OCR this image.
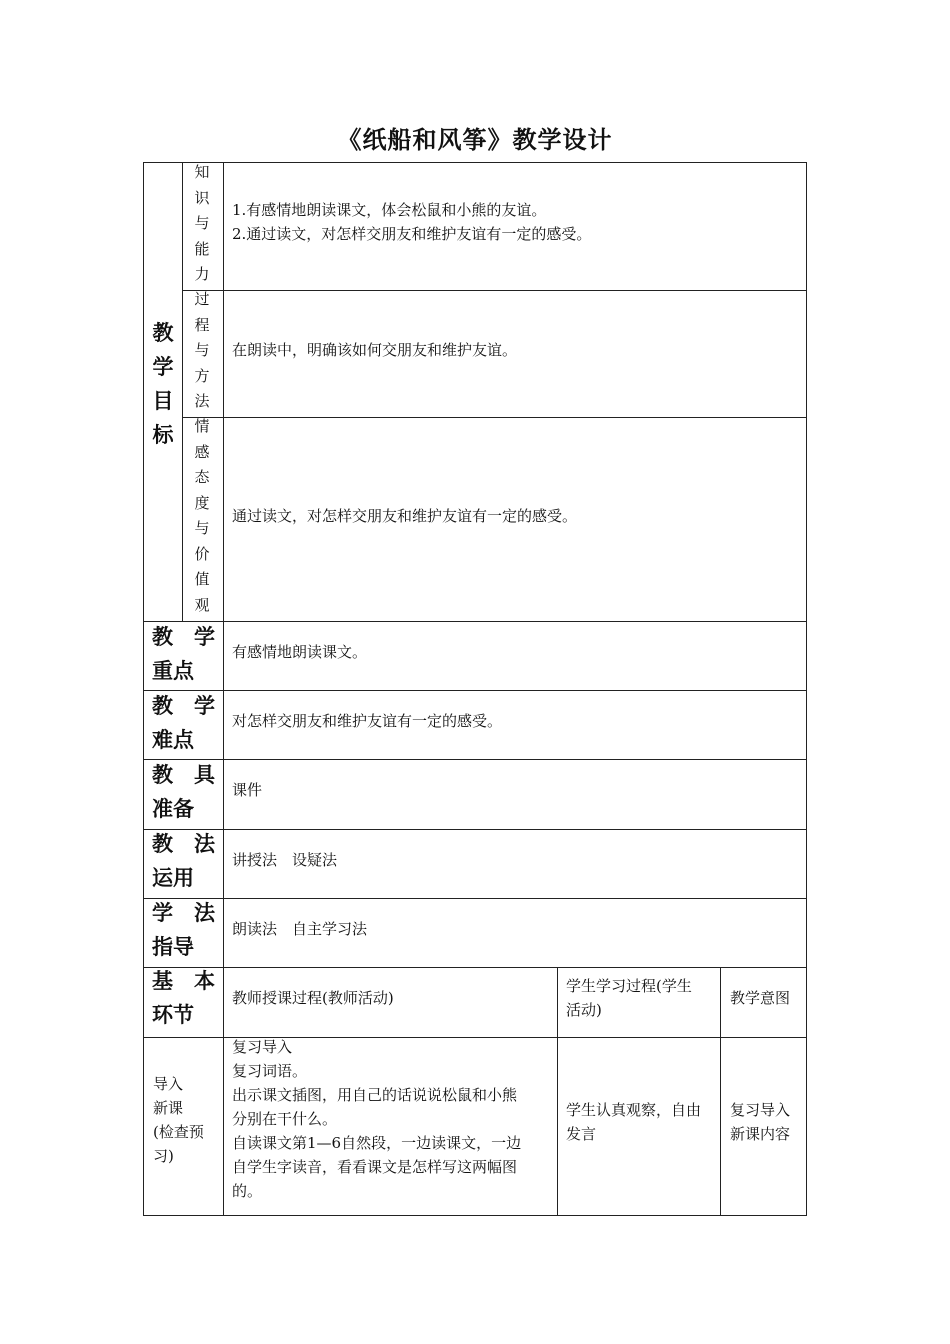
《纸船和风筝》教学设计
教
学
目
标
知
识
与
能
力
1.有感情地朗读课文，体会松鼠和小熊的友谊。
2.通过读文，对怎样交朋友和维护友谊有一定的感受。
过
程
与
方
法
在朗读中，明确该如何交朋友和维护友谊。
情
感
态
度
与
价
值
观
通过读文，对怎样交朋友和维护友谊有一定的感受。
教　学
重点
有感情地朗读课文。
教　学
难点
对怎样交朋友和维护友谊有一定的感受。
教　具
准备
课件
教　法
运用
讲授法　设疑法
学　法
指导
朗读法　自主学习法
基　本
环节
教师授课过程(教师活动)
学生学习过程(学生
活动)
教学意图
导入
新课
(检查预
习)
复习导入
复习词语。
出示课文插图，用自己的话说说松鼠和小熊
分别在干什么。
自读课文第1—6自然段，一边读课文，一边
自学生字读音，看看课文是怎样写这两幅图
的。
学生认真观察，自由
发言
复习导入
新课内容
